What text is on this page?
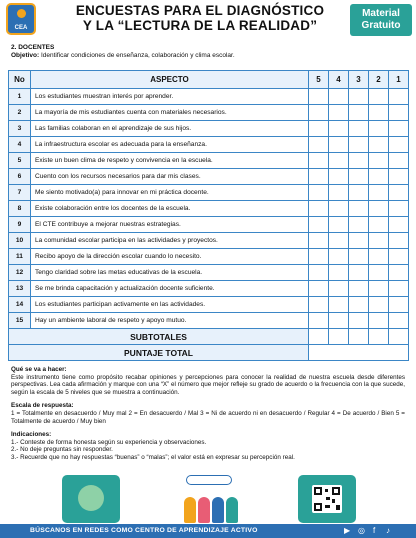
CEA
ENCUESTAS PARA EL DIAGNÓSTICO
Y LA “LECTURA DE LA REALIDAD”
Material
Gratuito
2. DOCENTES
Objetivo: Identificar condiciones de enseñanza, colaboración y clima escolar.
No	ASPECTO	5	4	3	2	1
1	Los estudiantes muestran interés por aprender.					
2	La mayoría de mis estudiantes cuenta con materiales necesarios.					
3	Las familias colaboran en el aprendizaje de sus hijos.					
4	La infraestructura escolar es adecuada para la enseñanza.					
5	Existe un buen clima de respeto y convivencia en la escuela.					
6	Cuento con los recursos necesarios para dar mis clases.					
7	Me siento motivado(a) para innovar en mi práctica docente.					
8	Existe colaboración entre los docentes de la escuela.					
9	El CTE contribuye a mejorar nuestras estrategias.					
10	La comunidad escolar participa en las actividades y proyectos.					
11	Recibo apoyo de la dirección escolar cuando lo necesito.					
12	Tengo claridad sobre las metas educativas de la escuela.					
13	Se me brinda capacitación y actualización docente suficiente.					
14	Los estudiantes participan activamente en las actividades.					
15	Hay un ambiente laboral de respeto y apoyo mutuo.					
SUBTOTALES						
PUNTAJE TOTAL						
Qué se va a hacer:

Este instrumento tiene como propósito recabar opiniones y percepciones para conocer la realidad de nuestra escuela desde diferentes perspectivas. Lea cada afirmación y marque con una “X” el número que mejor refleje su grado de acuerdo o la frecuencia con la que sucede, según la escala de 5 niveles que se muestra a continuación.

Escala de respuesta:

1 = Totalmente en desacuerdo / Muy mal 2 = En desacuerdo / Mal 3 = Ni de acuerdo ni en desacuerdo / Regular 4 = De acuerdo / Bien 5 = Totalmente de acuerdo / Muy bien

Indicaciones:
1.- Conteste de forma honesta según su experiencia y observaciones.
2.- No deje preguntas sin responder.
3.- Recuerde que no hay respuestas “buenas” o “malas”; el valor está en expresar su percepción real.
BÚSCANOS EN REDES COMO CENTRO DE APRENDIZAJE ACTIVO	▶ ◎ f ♪
